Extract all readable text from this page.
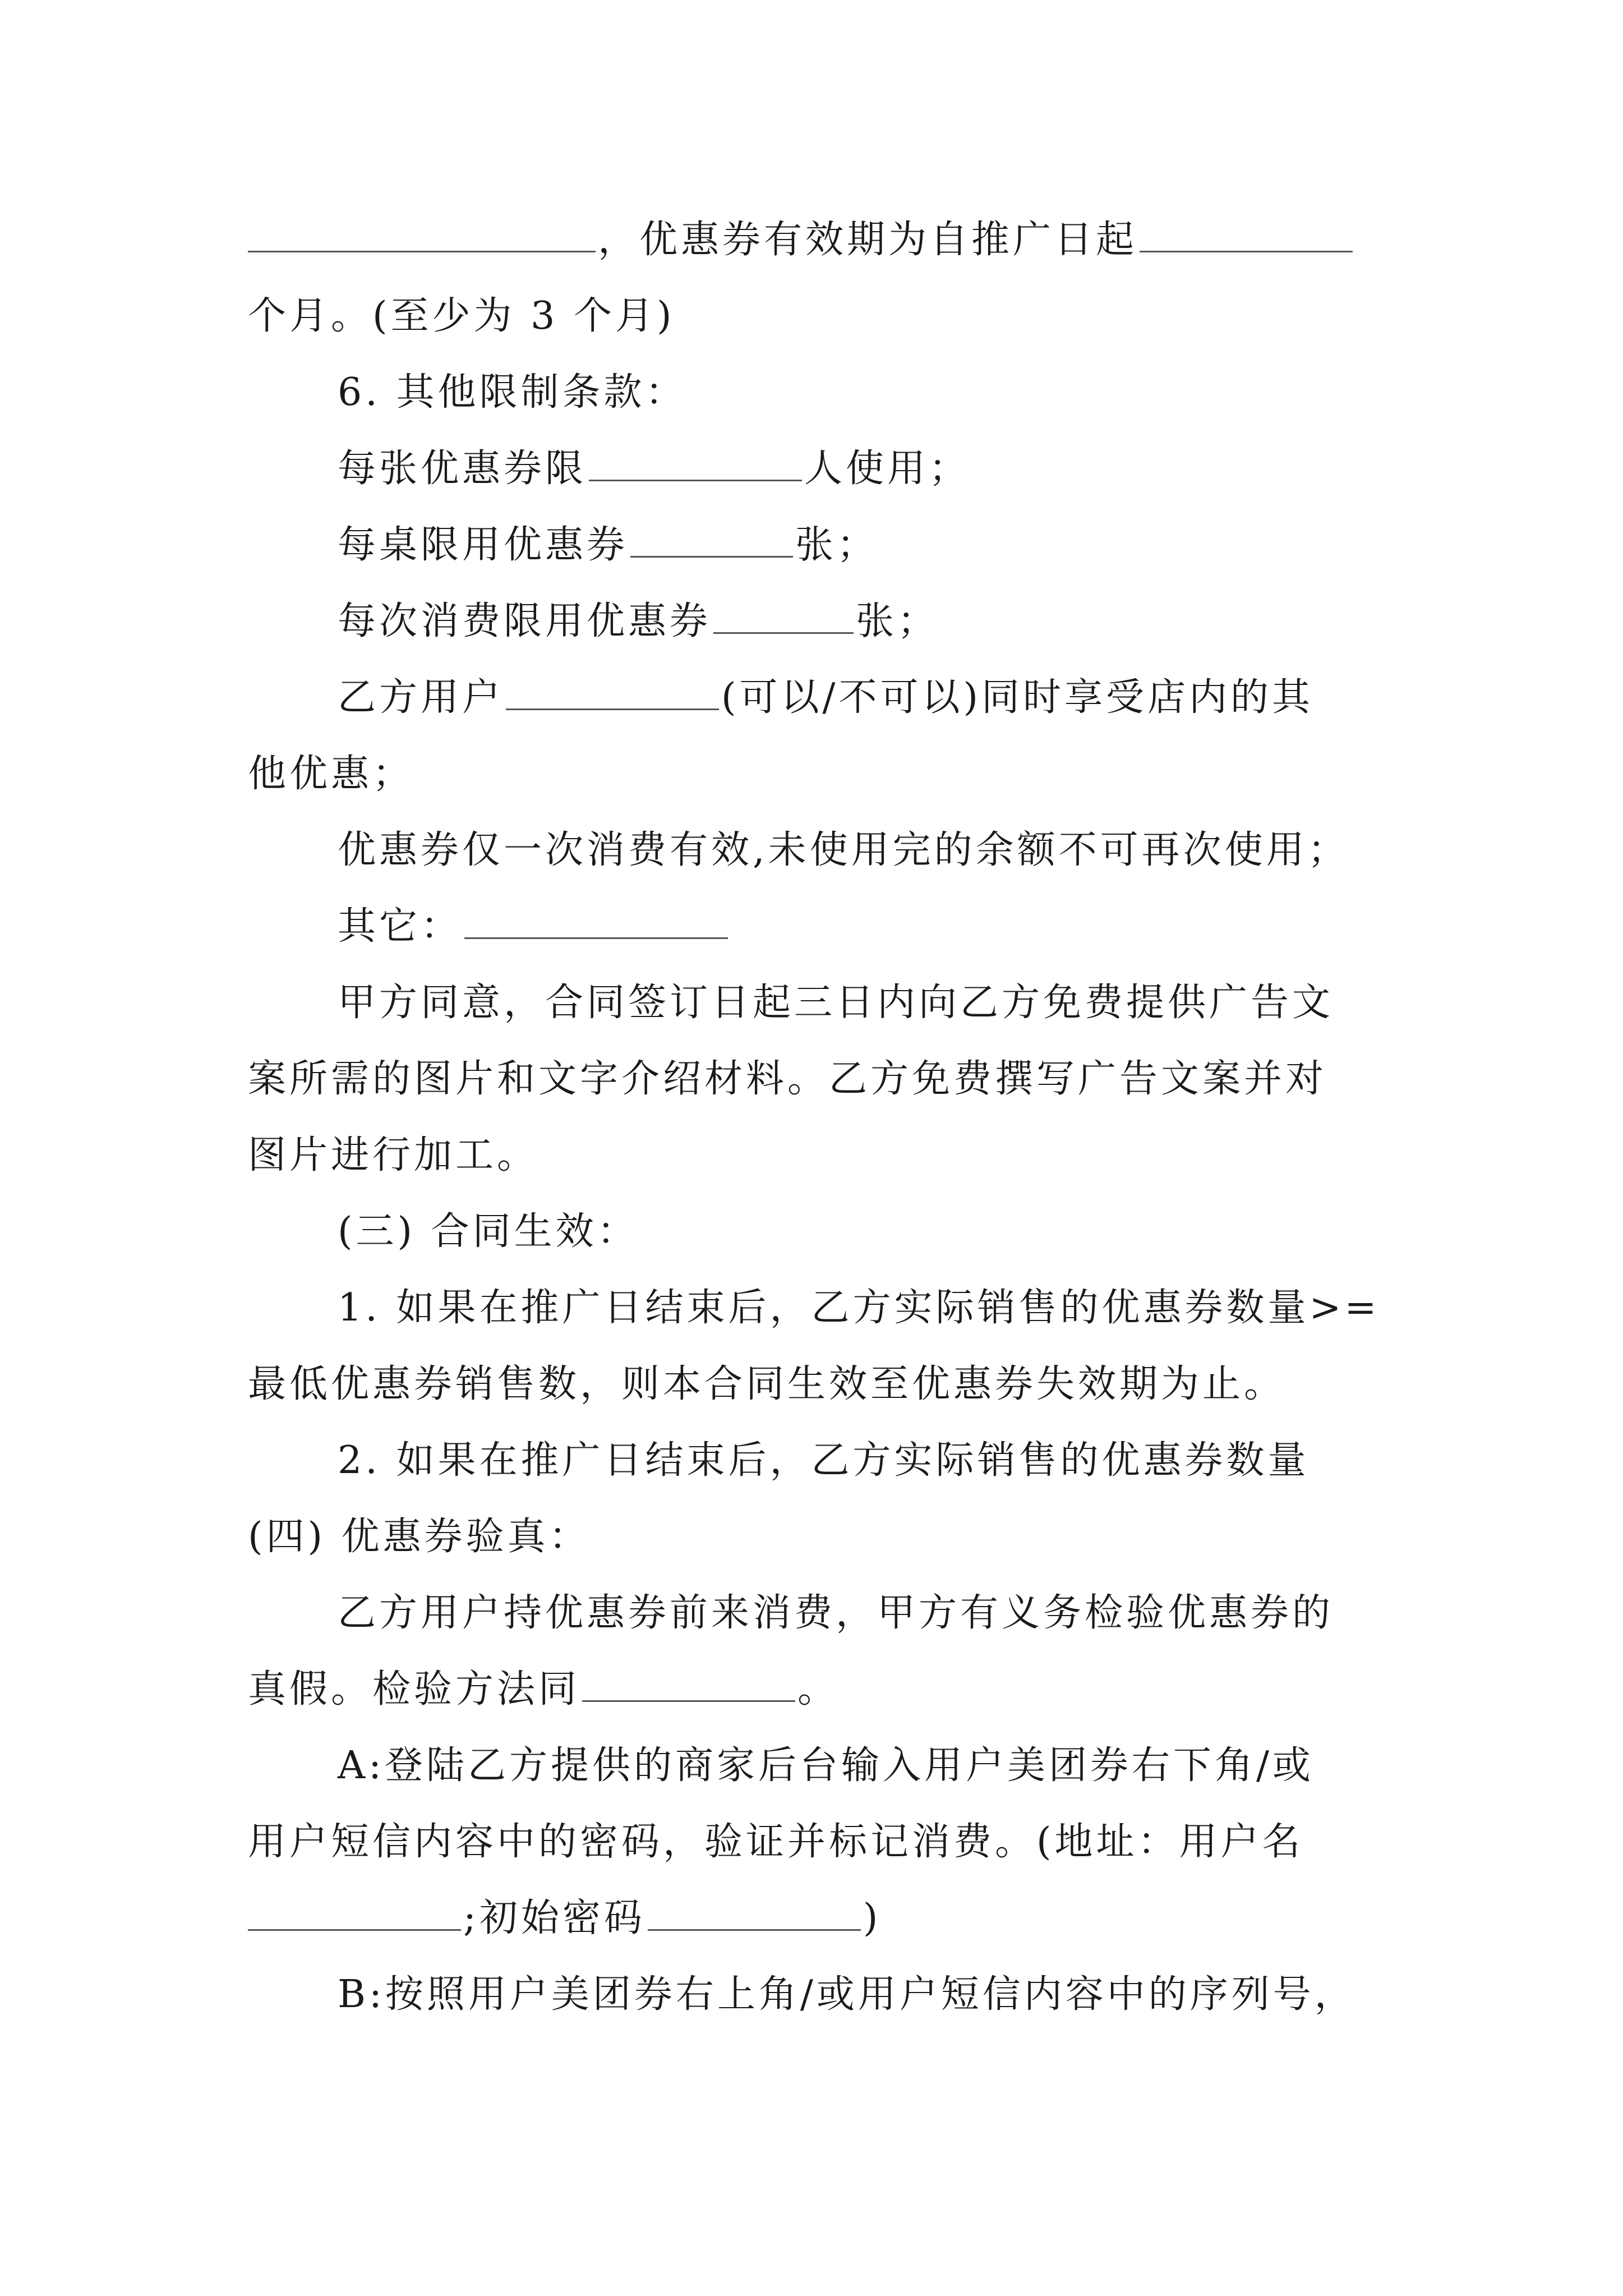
，优惠券有效期为自推广日起
个月。(至少为 3 个月)
6. 其他限制条款：
每张优惠券限	人使用；
每桌限用优惠券	张；
每次消费限用优惠券	张；
乙方用户	(可以/不可以)同时享受店内的其
他优惠；
优惠券仅一次消费有效,未使用完的余额不可再次使用；
其它：
甲方同意，合同签订日起三日内向乙方免费提供广告文
案所需的图片和文字介绍材料。乙方免费撰写广告文案并对
图片进行加工。
(三) 合同生效：
1. 如果在推广日结束后，乙方实际销售的优惠券数量>=
最低优惠券销售数，则本合同生效至优惠券失效期为止。
2. 如果在推广日结束后，乙方实际销售的优惠券数量
(四) 优惠券验真：
乙方用户持优惠券前来消费，甲方有义务检验优惠券的
真假。检验方法同	。
A:登陆乙方提供的商家后台输入用户美团券右下角/或
用户短信内容中的密码，验证并标记消费。(地址：用户名
;初始密码	)
B:按照用户美团券右上角/或用户短信内容中的序列号，
